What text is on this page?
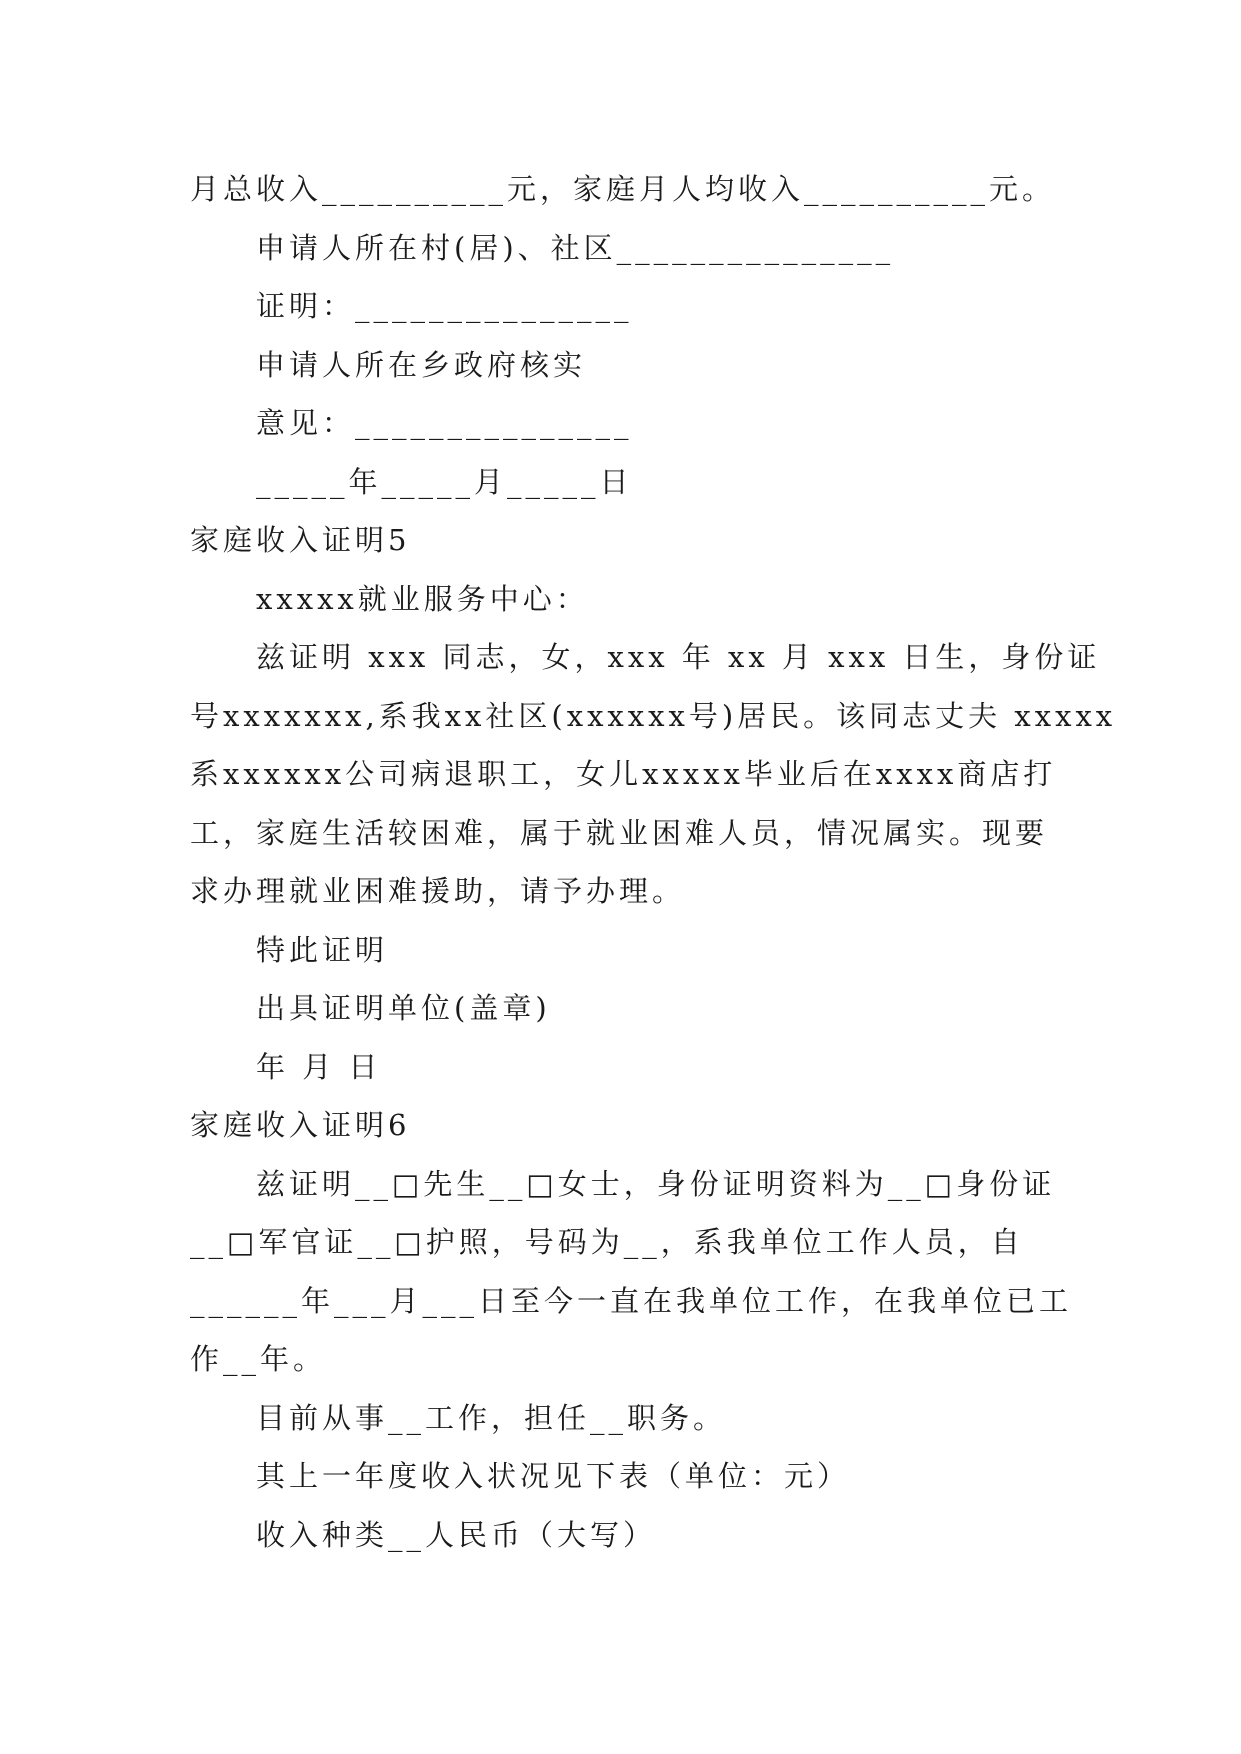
月总收入__________元，家庭月人均收入__________元。
申请人所在村(居)、社区_______________
证明：_______________
申请人所在乡政府核实
意见：_______________
_____年_____月_____日
家庭收入证明5
xxxxx就业服务中心：
兹证明 xxx 同志，女，xxx 年 xx 月 xxx 日生，身份证
号xxxxxxx,系我xx社区(xxxxxx号)居民。该同志丈夫 xxxxx
系xxxxxx公司病退职工，女儿xxxxx毕业后在xxxx商店打
工，家庭生活较困难，属于就业困难人员，情况属实。现要
求办理就业困难援助，请予办理。
特此证明
出具证明单位(盖章)
年 月 日
家庭收入证明6
兹证明__□先生__□女士，身份证明资料为__□身份证
__□军官证__□护照，号码为__，系我单位工作人员，自
______年___月___日至今一直在我单位工作，在我单位已工
作__年。
目前从事__工作，担任__职务。
其上一年度收入状况见下表（单位：元）
收入种类__人民币（大写）
